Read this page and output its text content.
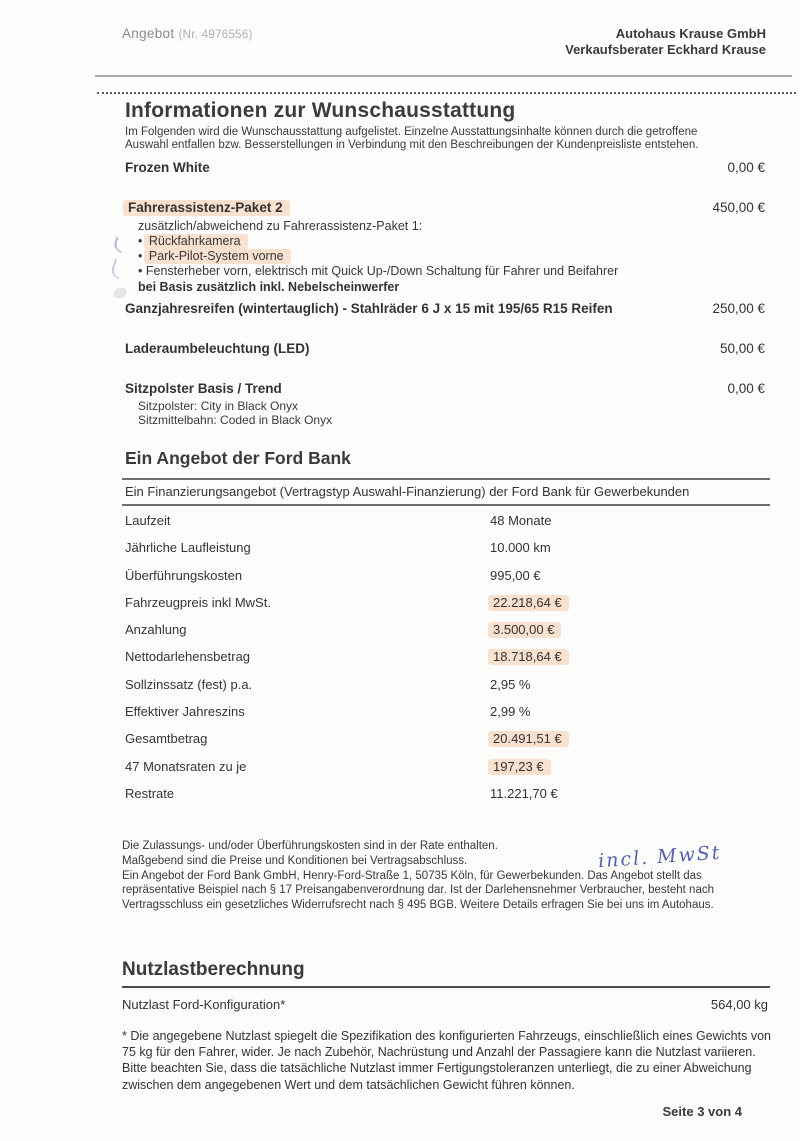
Angebot (Nr. 4976556)	Autohaus Krause GmbH
Verkaufsberater Eckhard Krause
Informationen zur Wunschausstattung

Im Folgenden wird die Wunschausstattung aufgelistet. Einzelne Ausstattungsinhalte können durch die getroffene Auswahl entfallen bzw. Besserstellungen in Verbindung mit den Beschreibungen der Kundenpreisliste entstehen.

Frozen White	0,00 €
Fahrerassistenz-Paket 2	450,00 €
zusätzlich/abweichend zu Fahrerassistenz-Paket 1:
• Rückfahrkamera
• Park-Pilot-System vorne
• Fensterheber vorn, elektrisch mit Quick Up-/Down Schaltung für Fahrer und Beifahrer
bei Basis zusätzlich inkl. Nebelscheinwerfer
Ganzjahresreifen (wintertauglich) - Stahlräder 6 J x 15 mit 195/65 R15 Reifen	250,00 €
Laderaumbeleuchtung (LED)	50,00 €
Sitzpolster Basis / Trend	0,00 €
Sitzpolster: City in Black Onyx
Sitzmittelbahn: Coded in Black Onyx
Ein Angebot der Ford Bank
Ein Finanzierungsangebot (Vertragstyp Auswahl-Finanzierung) der Ford Bank für Gewerbekunden
Laufzeit	48 Monate
Jährliche Laufleistung	10.000 km
Überführungskosten	995,00 €
Fahrzeugpreis inkl MwSt.	22.218,64 €
Anzahlung	3.500,00 €
Nettodarlehensbetrag	18.718,64 €
Sollzinssatz (fest) p.a.	2,95 %
Effektiver Jahreszins	2,99 %
Gesamtbetrag	20.491,51 €
47 Monatsraten zu je	197,23 €
Restrate	11.221,70 €

Die Zulassungs- und/oder Überführungskosten sind in der Rate enthalten.

Maßgebend sind die Preise und Konditionen bei Vertragsabschluss.

Ein Angebot der Ford Bank GmbH, Henry-Ford-Straße 1, 50735 Köln, für Gewerbekunden. Das Angebot stellt das repräsentative Beispiel nach § 17 Preisangabenverordnung dar. Ist der Darlehensnehmer Verbraucher, besteht nach Vertragsschluss ein gesetzliches Widerrufsrecht nach § 495 BGB. Weitere Details erfragen Sie bei uns im Autohaus.

incl. MwSt
Nutzlastberechnung
Nutzlast Ford-Konfiguration*	564,00 kg

* Die angegebene Nutzlast spiegelt die Spezifikation des konfigurierten Fahrzeugs, einschließlich eines Gewichts von 75 kg für den Fahrer, wider. Je nach Zubehör, Nachrüstung und Anzahl der Passagiere kann die Nutzlast variieren. Bitte beachten Sie, dass die tatsächliche Nutzlast immer Fertigungstoleranzen unterliegt, die zu einer Abweichung zwischen dem angegebenen Wert und dem tatsächlichen Gewicht führen können.

Seite 3 von 4
